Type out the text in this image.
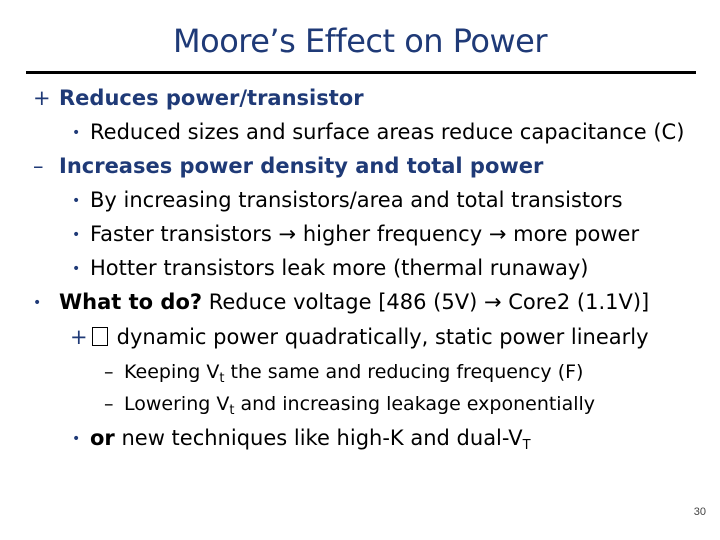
Moore’s Effect on Power
+ Reduces power/transistor
• Reduced sizes and surface areas reduce capacitance (C)
– Increases power density and total power
• By increasing transistors/area and total transistors
• Faster transistors → higher frequency → more power
• Hotter transistors leak more (thermal runaway)
• What to do? Reduce voltage [486 (5V) → Core2 (1.1V)]
+ dynamic power quadratically, static power linearly
– Keeping $V_t$ the same and reducing frequency (F)
– Lowering $V_t$ and increasing leakage exponentially
• or new techniques like high-K and dual-$V_T$
30
